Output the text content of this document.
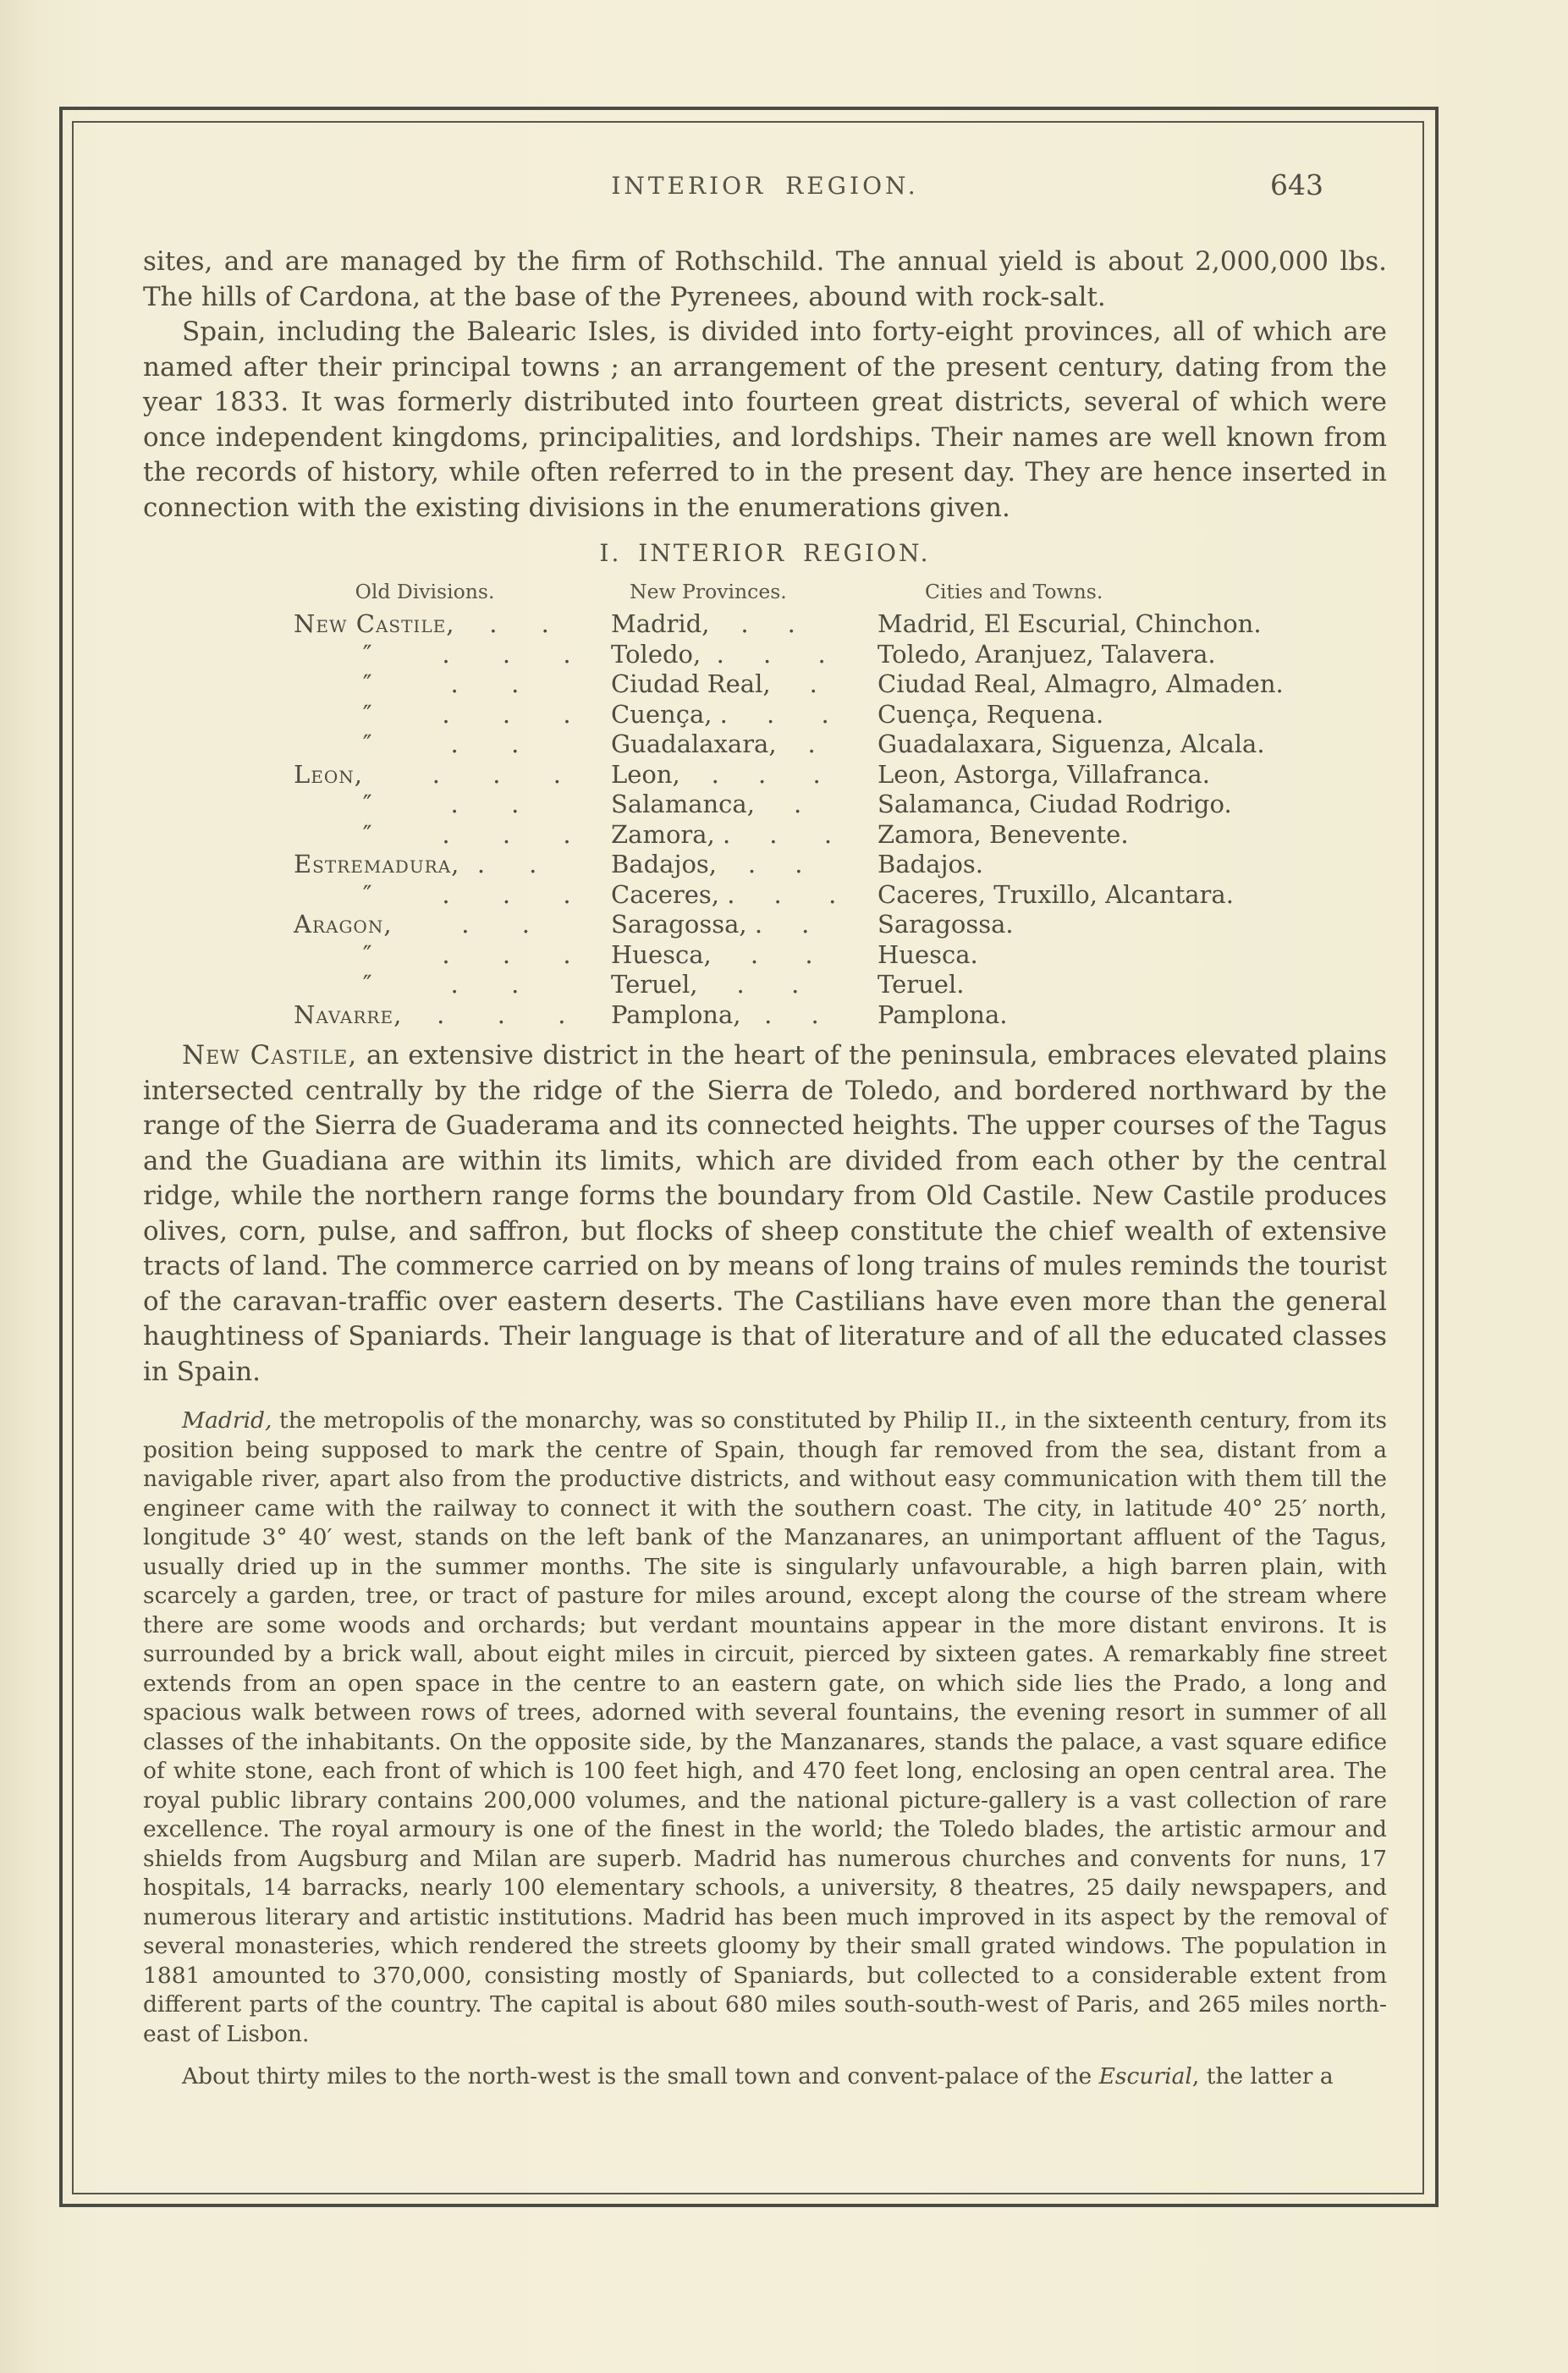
INTERIOR REGION.	643

sites, and are managed by the firm of Rothschild. The annual yield is about 2,000,000 lbs. The hills of Cardona, at the base of the Pyrenees, abound with rock-salt.

Spain, including the Balearic Isles, is divided into forty-eight provinces, all of which are named after their principal towns ; an arrangement of the present century, dating from the year 1833. It was formerly distributed into fourteen great districts, several of which were once independent kingdoms, principalities, and lordships. Their names are well known from the records of history, while often referred to in the present day. They are hence inserted in connection with the existing divisions in the enumerations given.

I. INTERIOR REGION.
Old Divisions.	New Provinces.	Cities and Towns.
New Castile,    .     .	Madrid,    .     .	Madrid, El Escurial, Chinchon.
″        .      .      .	Toledo,  .     .      .	Toledo, Aranjuez, Talavera.
″         .      .	Ciudad Real,     .	Ciudad Real, Almagro, Almaden.
″        .      .      .	Cuença, .     .      .	Cuença, Requena.
″         .      .	Guadalaxara,    .	Guadalaxara, Siguenza, Alcala.
Leon,        .      .      .	Leon,    .     .      .	Leon, Astorga, Villafranca.
″         .      .	Salamanca,     .	Salamanca, Ciudad Rodrigo.
″        .      .      .	Zamora, .     .      .	Zamora, Benevente.
Estremadura,  .     .	Badajos,    .     .	Badajos.
″        .      .      .	Caceres, .     .      .	Caceres, Truxillo, Alcantara.
Aragon,        .      .	Saragossa, .     .	Saragossa.
″        .      .      .	Huesca,     .      .	Huesca.
″         .      .	Teruel,     .      .	Teruel.
Navarre,    .      .      .	Pamplona,   .     .	Pamplona.

New Castile, an extensive district in the heart of the peninsula, embraces elevated plains intersected centrally by the ridge of the Sierra de Toledo, and bordered northward by the range of the Sierra de Guaderama and its connected heights. The upper courses of the Tagus and the Guadiana are within its limits, which are divided from each other by the central ridge, while the northern range forms the boundary from Old Castile. New Castile produces olives, corn, pulse, and saffron, but flocks of sheep constitute the chief wealth of extensive tracts of land. The commerce carried on by means of long trains of mules reminds the tourist of the caravan-traffic over eastern deserts. The Castilians have even more than the general haughtiness of Spaniards. Their language is that of literature and of all the educated classes in Spain.

Madrid, the metropolis of the monarchy, was so constituted by Philip II., in the sixteenth century, from its position being supposed to mark the centre of Spain, though far removed from the sea, distant from a navigable river, apart also from the productive districts, and without easy communication with them till the engineer came with the railway to connect it with the southern coast. The city, in latitude 40° 25′ north, longitude 3° 40′ west, stands on the left bank of the Manzanares, an unimportant affluent of the Tagus, usually dried up in the summer months. The site is singularly unfavourable, a high barren plain, with scarcely a garden, tree, or tract of pasture for miles around, except along the course of the stream where there are some woods and orchards; but verdant mountains appear in the more distant environs. It is surrounded by a brick wall, about eight miles in circuit, pierced by sixteen gates. A remarkably fine street extends from an open space in the centre to an eastern gate, on which side lies the Prado, a long and spacious walk between rows of trees, adorned with several fountains, the evening resort in summer of all classes of the inhabitants. On the opposite side, by the Manzanares, stands the palace, a vast square edifice of white stone, each front of which is 100 feet high, and 470 feet long, enclosing an open central area. The royal public library contains 200,000 volumes, and the national picture-gallery is a vast collection of rare excellence. The royal armoury is one of the finest in the world; the Toledo blades, the artistic armour and shields from Augsburg and Milan are superb. Madrid has numerous churches and convents for nuns, 17 hospitals, 14 barracks, nearly 100 elementary schools, a university, 8 theatres, 25 daily newspapers, and numerous literary and artistic institutions. Madrid has been much improved in its aspect by the removal of several monasteries, which rendered the streets gloomy by their small grated windows. The population in 1881 amounted to 370,000, consisting mostly of Spaniards, but collected to a considerable extent from different parts of the country. The capital is about 680 miles south-south-west of Paris, and 265 miles north-east of Lisbon.

About thirty miles to the north-west is the small town and convent-palace of the Escurial, the latter a
